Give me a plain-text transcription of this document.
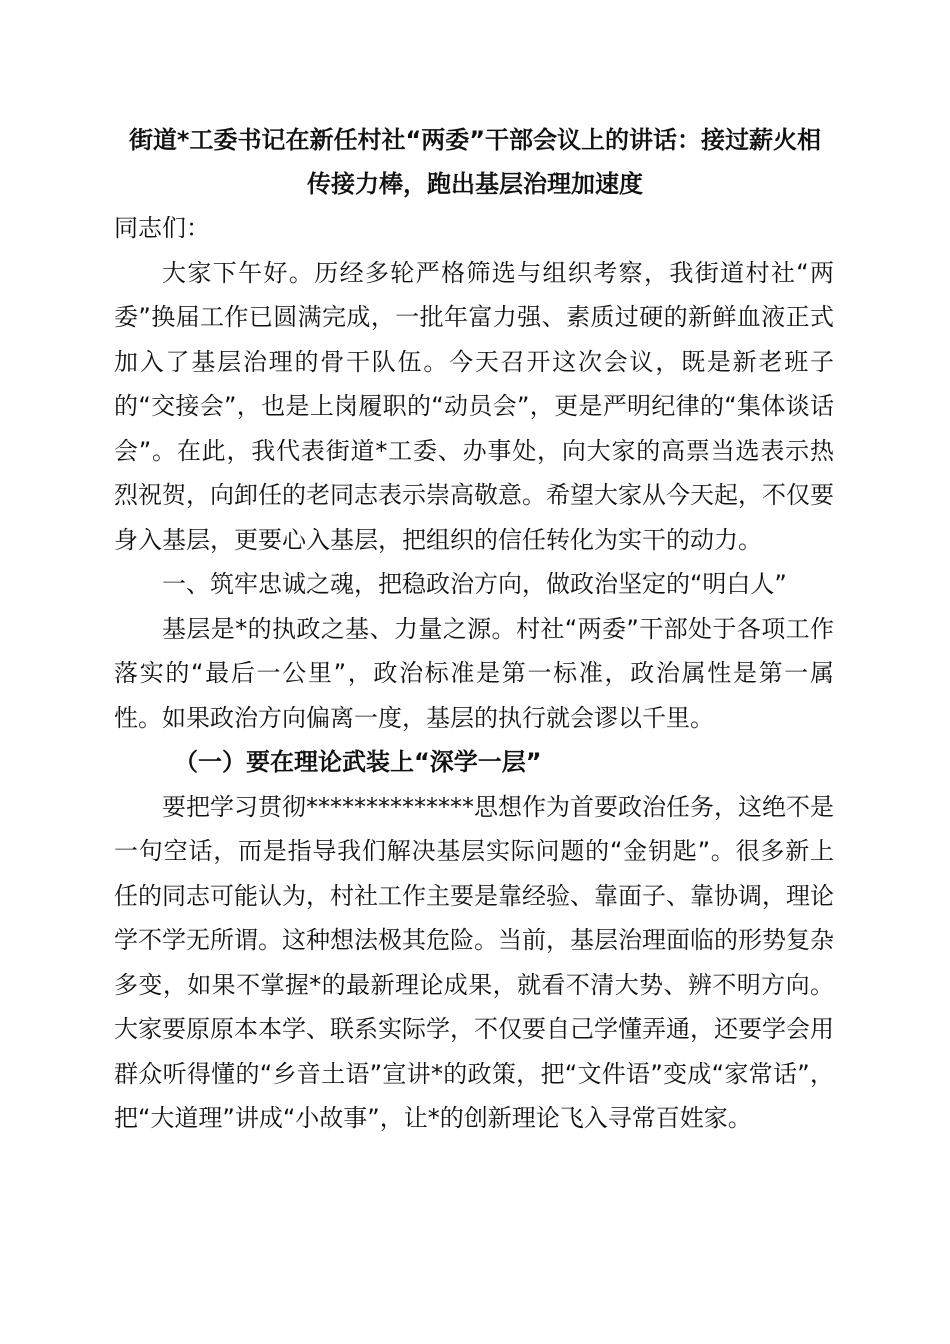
街道*工委书记在新任村社“两委”干部会议上的讲话：接过薪火相
传接力棒，跑出基层治理加速度

同志们：

大家下午好。历经多轮严格筛选与组织考察，我街道村社“两委”换届工作已圆满完成，一批年富力强、素质过硬的新鲜血液正式加入了基层治理的骨干队伍。今天召开这次会议，既是新老班子的“交接会”，也是上岗履职的“动员会”，更是严明纪律的“集体谈话会”。在此，我代表街道*工委、办事处，向大家的高票当选表示热烈祝贺，向卸任的老同志表示崇高敬意。希望大家从今天起，不仅要身入基层，更要心入基层，把组织的信任转化为实干的动力。

一、筑牢忠诚之魂，把稳政治方向，做政治坚定的“明白人”

基层是*的执政之基、力量之源。村社“两委”干部处于各项工作落实的“最后一公里”，政治标准是第一标准，政治属性是第一属性。如果政治方向偏离一度，基层的执行就会谬以千里。

（一）要在理论武装上“深学一层”

要把学习贯彻**************思想作为首要政治任务，这绝不是一句空话，而是指导我们解决基层实际问题的“金钥匙”。很多新上任的同志可能认为，村社工作主要是靠经验、靠面子、靠协调，理论学不学无所谓。这种想法极其危险。当前，基层治理面临的形势复杂多变，如果不掌握*的最新理论成果，就看不清大势、辨不明方向。大家要原原本本学、联系实际学，不仅要自己学懂弄通，还要学会用群众听得懂的“乡音土语”宣讲*的政策，把“文件语”变成“家常话”，把“大道理”讲成“小故事”，让*的创新理论飞入寻常百姓家。
